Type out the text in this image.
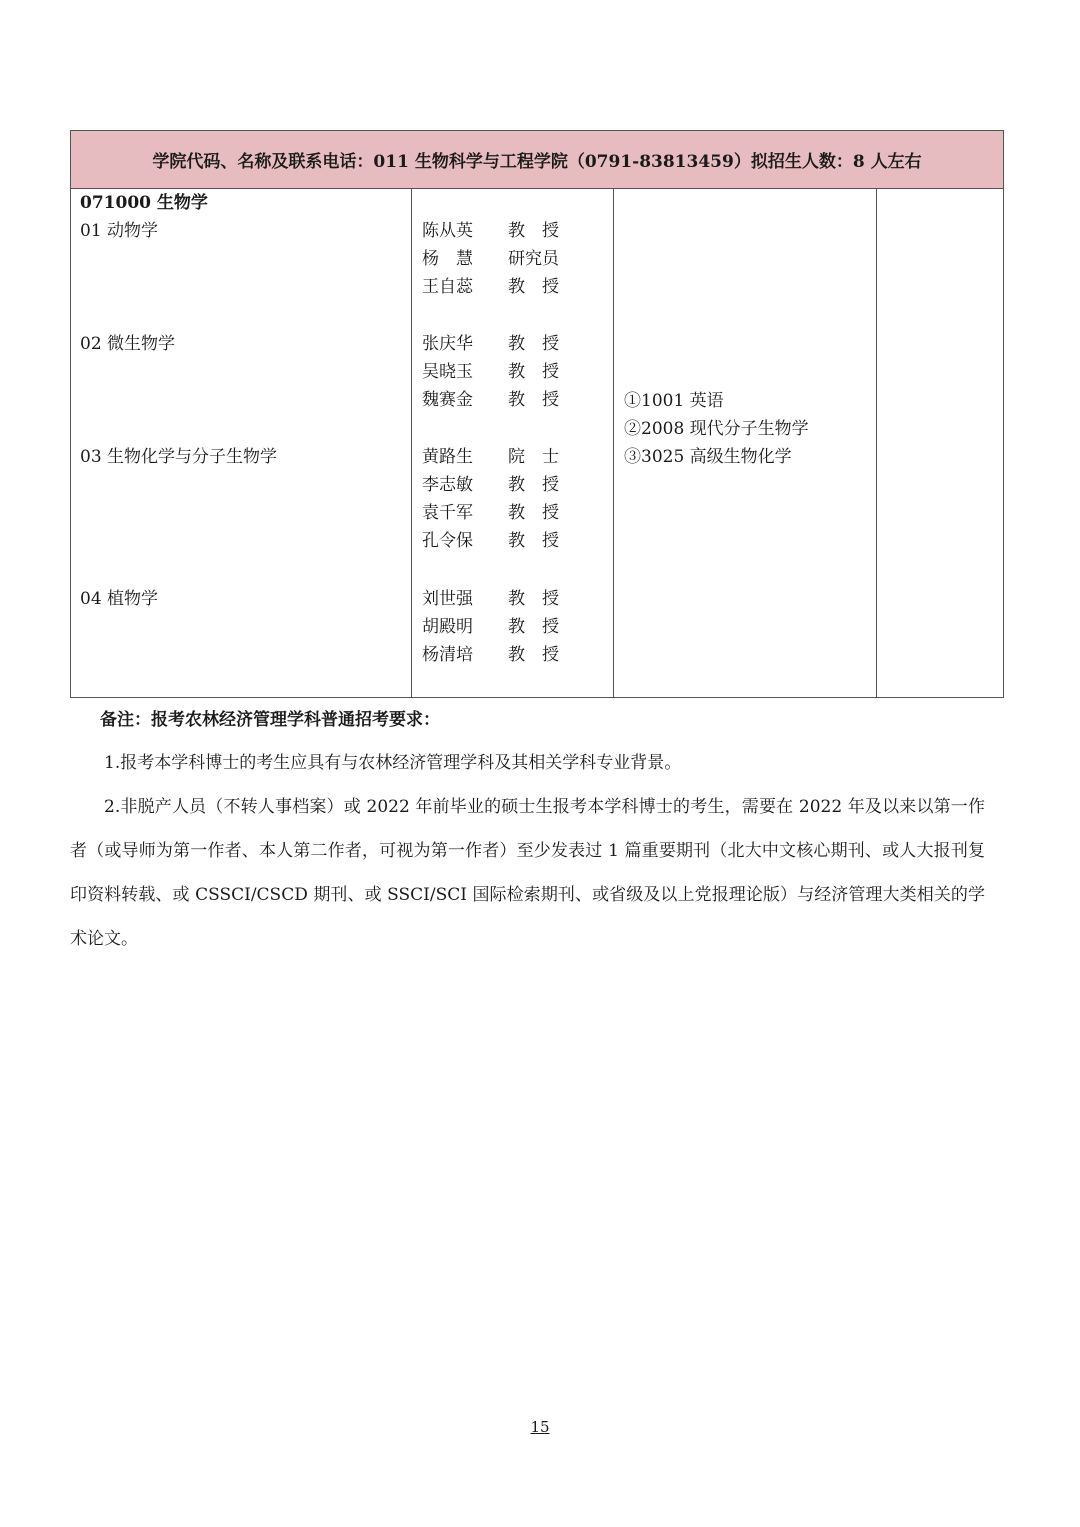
学院代码、名称及联系电话：011 生物科学与工程学院（0791-83813459）拟招生人数：8 人左右
071000 生物学
01 动物学
02 微生物学
03 生物化学与分子生物学
04 植物学
陈从英 教　授
杨　慧 研究员
王自蕊 教　授
张庆华 教　授
吴晓玉 教　授
魏赛金 教　授
黄路生 院　士
李志敏 教　授
袁千军 教　授
孔令保 教　授
刘世强 教　授
胡殿明 教　授
杨清培 教　授
①1001 英语
②2008 现代分子生物学
③3025 高级生物化学
备注：报考农林经济管理学科普通招考要求：
1.报考本学科博士的考生应具有与农林经济管理学科及其相关学科专业背景。
2.非脱产人员（不转人事档案）或 2022 年前毕业的硕士生报考本学科博士的考生，需要在 2022 年及以来以第一作者（或导师为第一作者、本人第二作者，可视为第一作者）至少发表过 1 篇重要期刊（北大中文核心期刊、或人大报刊复印资料转载、或 CSSCI/CSCD 期刊、或 SSCI/SCI 国际检索期刊、或省级及以上党报理论版）与经济管理大类相关的学术论文。
15
